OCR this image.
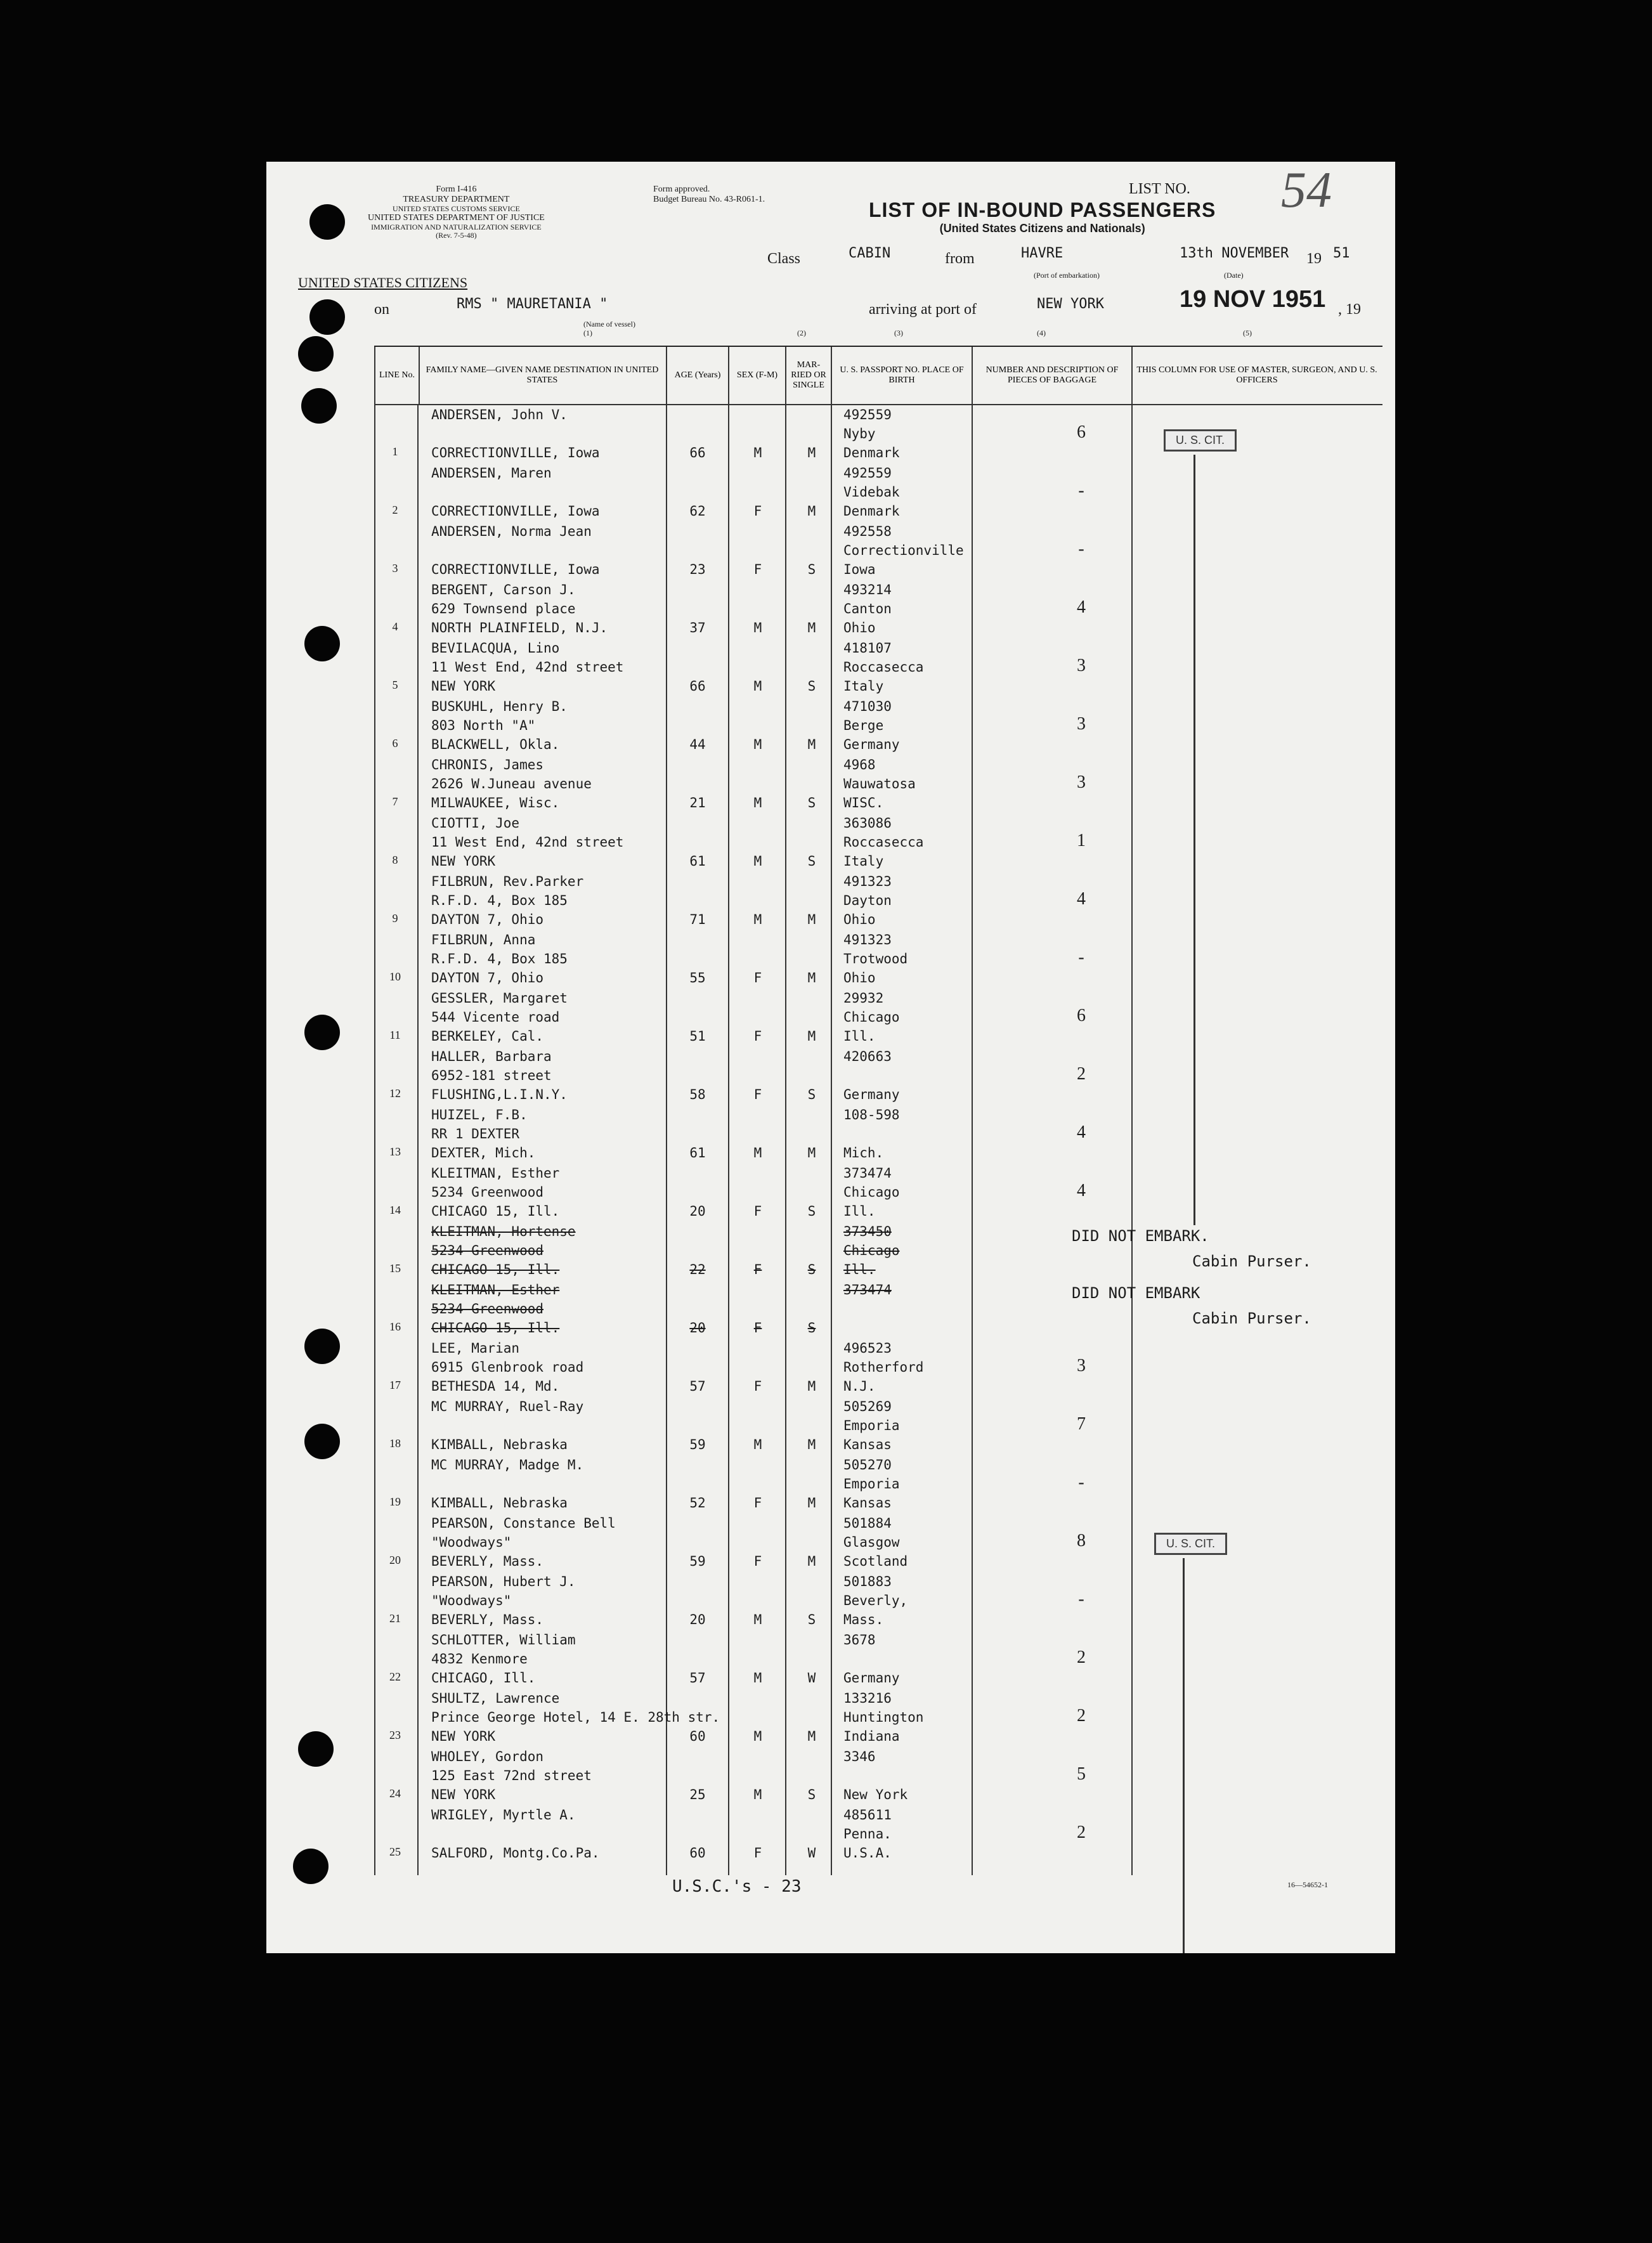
Form I-416
TREASURY DEPARTMENT
UNITED STATES CUSTOMS SERVICE
UNITED STATES DEPARTMENT OF JUSTICE
IMMIGRATION AND NATURALIZATION SERVICE
(Rev. 7-5-48)
Form approved.
Budget Bureau No. 43-R061-1.
LIST NO. 54
LIST OF IN-BOUND PASSENGERS
(United States Citizens and Nationals)
Class	CABIN	from	HAVRE
(Port of embarkation)
13th NOVEMBER 19 51
(Date)
UNITED STATES CITIZENS
on	RMS " MAURETANIA "
(Name of vessel)
arriving at port of	NEW YORK	19 NOV 1951 , 19
(1)	(2)	(3)	(4)	(5)
LINE No.
FAMILY NAME—GIVEN NAME DESTINATION IN UNITED STATES
AGE (Years)	SEX (F-M)
MAR- RIED OR SINGLE
U. S. PASSPORT NO. PLACE OF BIRTH
NUMBER AND DESCRIPTION OF PIECES OF BAGGAGE
THIS COLUMN FOR USE OF MASTER, SURGEON, AND U. S. OFFICERS
1
ANDERSEN, John V.
CORRECTIONVILLE, Iowa	66	M	M
492559
Nyby
Denmark
6
2
ANDERSEN, Maren
CORRECTIONVILLE, Iowa	62	F	M
492559
Videbak
Denmark
-
3
ANDERSEN, Norma Jean
CORRECTIONVILLE, Iowa	23	F	S
492558
Correctionville
Iowa
-
4
BERGENT, Carson J.
629 Townsend place
NORTH PLAINFIELD, N.J.	37	M	M
493214
Canton
Ohio
4
5
BEVILACQUA, Lino
11 West End, 42nd street
NEW YORK	66	M	S
418107
Roccasecca
Italy
3
6
BUSKUHL, Henry B.
803 North "A"
BLACKWELL, Okla.	44	M	M
471030
Berge
Germany
3
7
CHRONIS, James
2626 W.Juneau avenue
MILWAUKEE, Wisc.	21	M	S
4968
Wauwatosa
WISC.
3
8
CIOTTI, Joe
11 West End, 42nd street
NEW YORK	61	M	S
363086
Roccasecca
Italy
1
9
FILBRUN, Rev.Parker
R.F.D. 4, Box 185
DAYTON 7, Ohio	71	M	M
491323
Dayton
Ohio
4
10
FILBRUN, Anna
R.F.D. 4, Box 185
DAYTON 7, Ohio	55	F	M
491323
Trotwood
Ohio
-
11
GESSLER, Margaret
544 Vicente road
BERKELEY, Cal.	51	F	M
29932
Chicago
Ill.
6
12
HALLER, Barbara
6952-181 street
FLUSHING,L.I.N.Y.	58	F	S
420663
Germany
2
13
HUIZEL, F.B.
RR 1 DEXTER
DEXTER, Mich.	61	M	M
108-598
Mich.
4
14
KLEITMAN, Esther
5234 Greenwood
CHICAGO 15, Ill.	20	F	S
373474
Chicago
Ill.
4
15
KLEITMAN, Hortense
5234 Greenwood
CHICAGO 15, Ill.	22	F	S
373450
Chicago
Ill.
16
KLEITMAN, Esther
5234 Greenwood
CHICAGO 15, Ill.	20	F	S
373474
17
LEE, Marian
6915 Glenbrook road
BETHESDA 14, Md.	57	F	M
496523
Rotherford
N.J.
3
18
MC MURRAY, Ruel-Ray
KIMBALL, Nebraska	59	M	M
505269
Emporia
Kansas
7
19
MC MURRAY, Madge M.
KIMBALL, Nebraska	52	F	M
505270
Emporia
Kansas
-
20
PEARSON, Constance Bell
"Woodways"
BEVERLY, Mass.	59	F	M
501884
Glasgow
Scotland
8
21
PEARSON, Hubert J.
"Woodways"
BEVERLY, Mass.	20	M	S
501883
Beverly,
Mass.
-
22
SCHLOTTER, William
4832 Kenmore
CHICAGO, Ill.	57	M	W
3678
Germany
2
23
SHULTZ, Lawrence
Prince George Hotel, 14 E. 28th str.
NEW YORK	60	M	M
133216
Huntington
Indiana
2
24
WHOLEY, Gordon
125 East 72nd street
NEW YORK	25	M	S
3346
New York
5
25
WRIGLEY, Myrtle A.
SALFORD, Montg.Co.Pa.	60	F	W
485611
Penna.
U.S.A.
2
U. S. CIT.
U. S. CIT.
DID NOT EMBARK.
Cabin Purser.
DID NOT EMBARK
Cabin Purser.
U.S.C.'s - 23	16—54652-1
